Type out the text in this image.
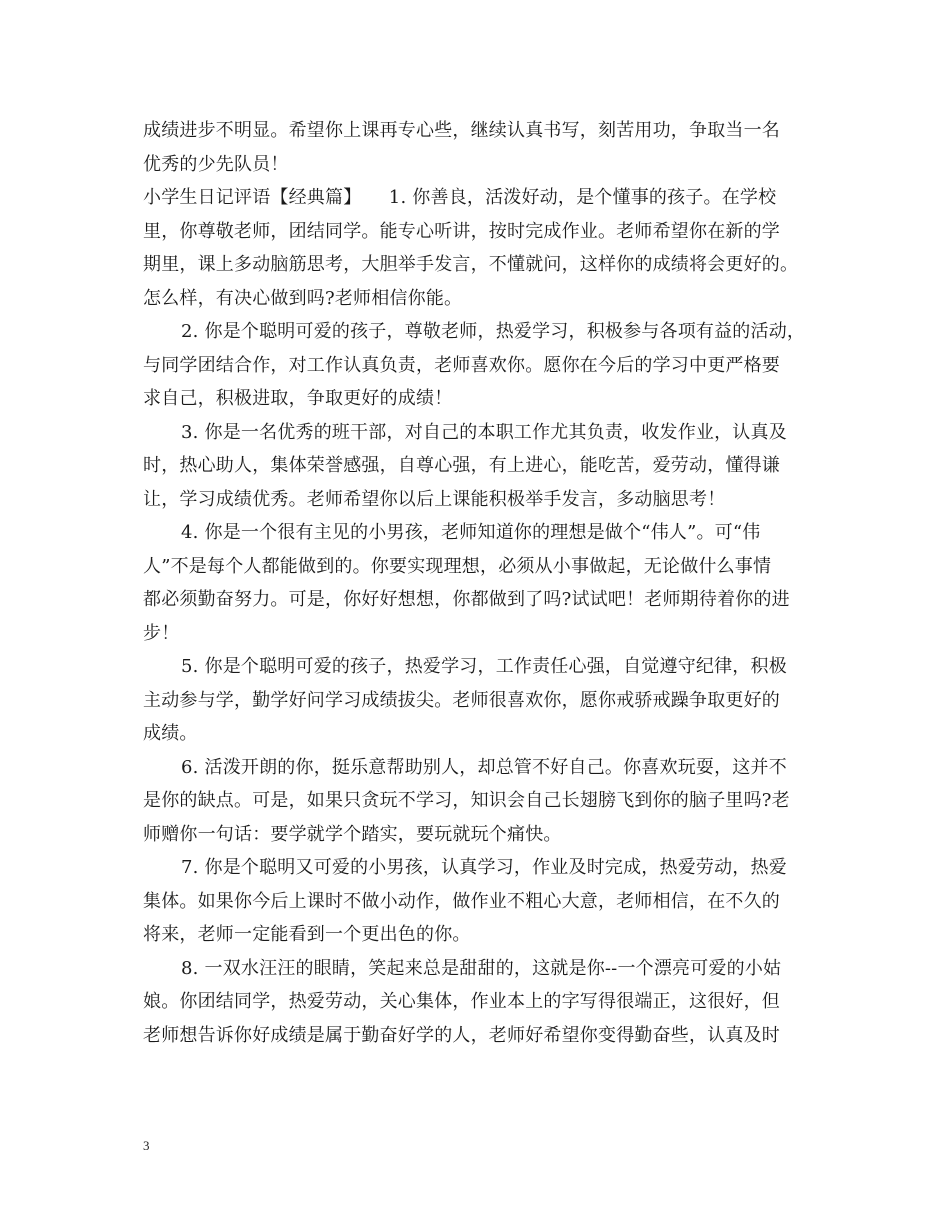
成绩进步不明显。希望你上课再专心些，继续认真书写，刻苦用功，争取当一名
优秀的少先队员！
小学生日记评语【经典篇】　　1. 你善良，活泼好动，是个懂事的孩子。在学校
里，你尊敬老师，团结同学。能专心听讲，按时完成作业。老师希望你在新的学
期里，课上多动脑筋思考，大胆举手发言，不懂就问，这样你的成绩将会更好的。
怎么样，有决心做到吗?老师相信你能。
2. 你是个聪明可爱的孩子，尊敬老师，热爱学习，积极参与各项有益的活动，
与同学团结合作，对工作认真负责，老师喜欢你。愿你在今后的学习中更严格要
求自己，积极进取，争取更好的成绩！
3. 你是一名优秀的班干部，对自己的本职工作尤其负责，收发作业，认真及
时，热心助人，集体荣誉感强，自尊心强，有上进心，能吃苦，爱劳动，懂得谦
让，学习成绩优秀。老师希望你以后上课能积极举手发言，多动脑思考！
4. 你是一个很有主见的小男孩，老师知道你的理想是做个“伟人”。可“伟
人”不是每个人都能做到的。你要实现理想，必须从小事做起，无论做什么事情
都必须勤奋努力。可是，你好好想想，你都做到了吗?试试吧！老师期待着你的进
步！
5. 你是个聪明可爱的孩子，热爱学习，工作责任心强，自觉遵守纪律，积极
主动参与学，勤学好问学习成绩拔尖。老师很喜欢你，愿你戒骄戒躁争取更好的
成绩。
6. 活泼开朗的你，挺乐意帮助别人，却总管不好自己。你喜欢玩耍，这并不
是你的缺点。可是，如果只贪玩不学习，知识会自己长翅膀飞到你的脑子里吗?老
师赠你一句话：要学就学个踏实，要玩就玩个痛快。
7. 你是个聪明又可爱的小男孩，认真学习，作业及时完成，热爱劳动，热爱
集体。如果你今后上课时不做小动作，做作业不粗心大意，老师相信，在不久的
将来，老师一定能看到一个更出色的你。
8. 一双水汪汪的眼睛，笑起来总是甜甜的，这就是你--一个漂亮可爱的小姑
娘。你团结同学，热爱劳动，关心集体，作业本上的字写得很端正，这很好，但
老师想告诉你好成绩是属于勤奋好学的人，老师好希望你变得勤奋些，认真及时
3
